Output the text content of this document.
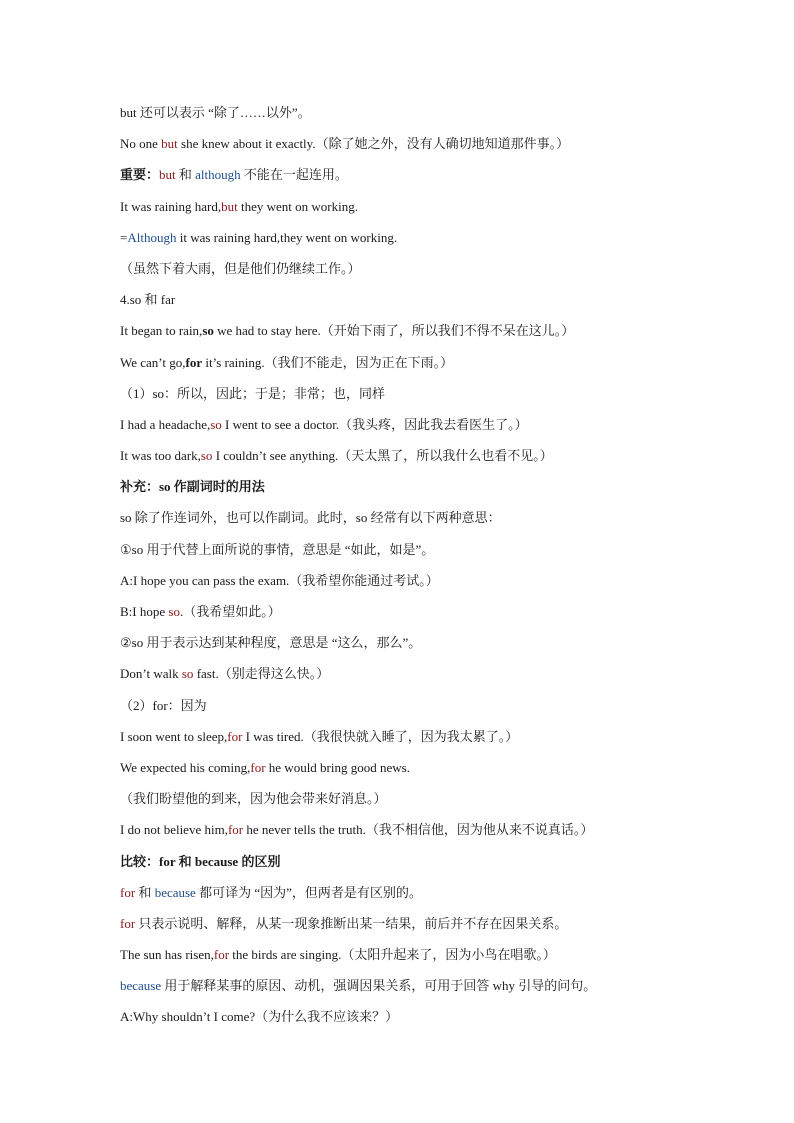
but 还可以表示 “除了……以外”。
No one but she knew about it exactly.（除了她之外，没有人确切地知道那件事。）
重要：but 和 although 不能在一起连用。
It was raining hard,but they went on working.
=Although it was raining hard,they went on working.
（虽然下着大雨，但是他们仍继续工作。）
4.so 和 far
It began to rain,so we had to stay here.（开始下雨了，所以我们不得不呆在这儿。）
We can’t go,for it’s raining.（我们不能走，因为正在下雨。）
（1）so：所以，因此；于是；非常；也，同样
I had a headache,so I went to see a doctor.（我头疼，因此我去看医生了。）
It was too dark,so I couldn’t see anything.（天太黑了，所以我什么也看不见。）
补充：so 作副词时的用法
so 除了作连词外，也可以作副词。此时，so 经常有以下两种意思：
①so 用于代替上面所说的事情，意思是 “如此，如是”。
A:I hope you can pass the exam.（我希望你能通过考试。）
B:I hope so.（我希望如此。）
②so 用于表示达到某种程度，意思是 “这么，那么”。
Don’t walk so fast.（别走得这么快。）
（2）for：因为
I soon went to sleep,for I was tired.（我很快就入睡了，因为我太累了。）
We expected his coming,for he would bring good news.
（我们盼望他的到来，因为他会带来好消息。）
I do not believe him,for he never tells the truth.（我不相信他，因为他从来不说真话。）
比较：for 和 because 的区别
for 和 because 都可译为 “因为”，但两者是有区别的。
for 只表示说明、解释，从某一现象推断出某一结果，前后并不存在因果关系。
The sun has risen,for the birds are singing.（太阳升起来了，因为小鸟在唱歌。）
because 用于解释某事的原因、动机，强调因果关系，可用于回答 why 引导的问句。
A:Why shouldn’t I come?（为什么我不应该来？）
